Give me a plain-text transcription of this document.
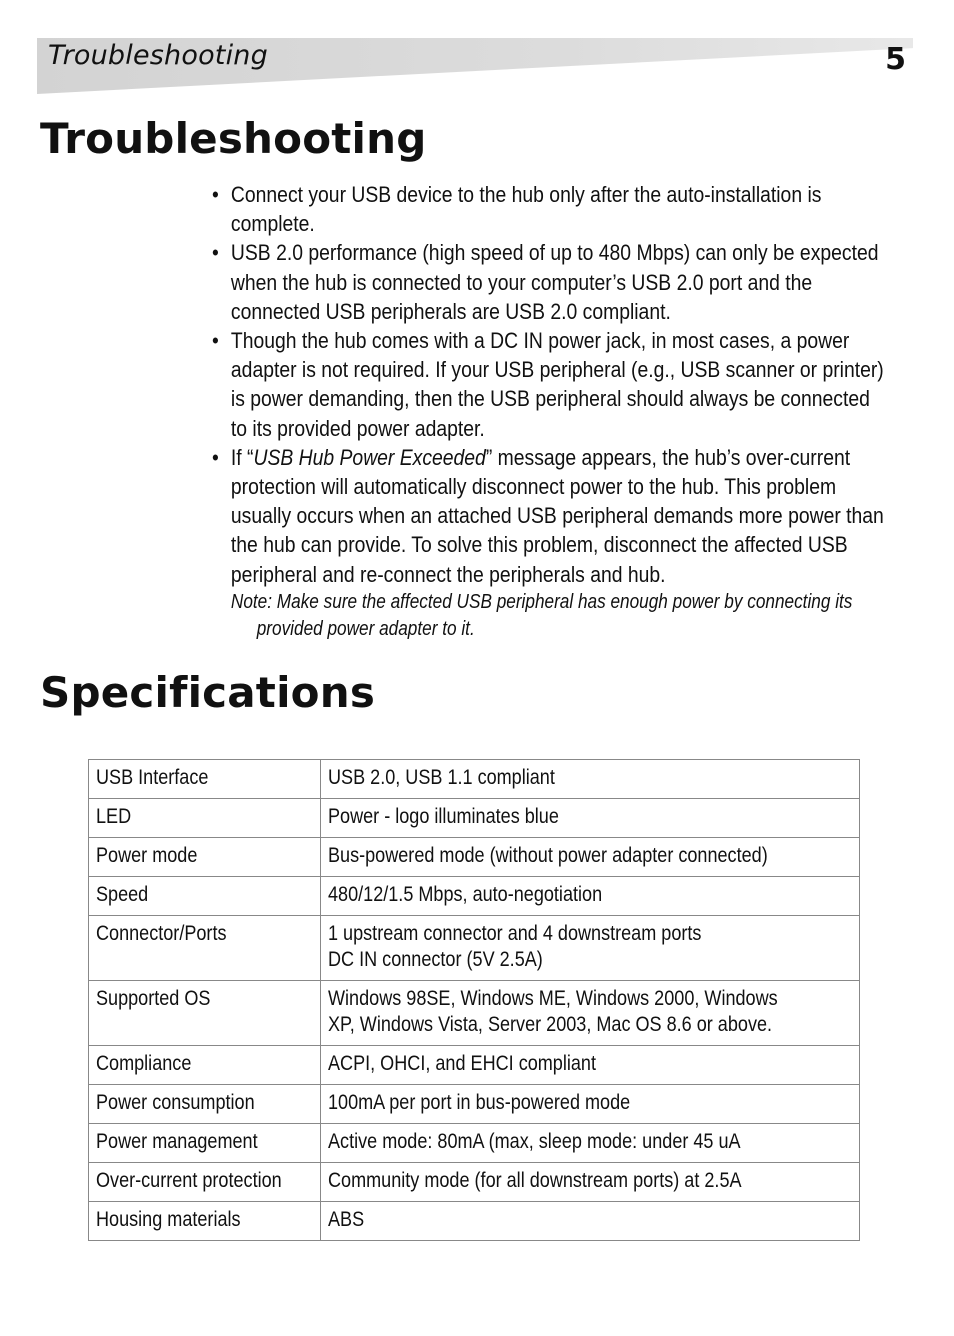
Troubleshooting	5
Troubleshooting
• Connect your USB device to the hub only after the auto-installation is
complete.
• USB 2.0 performance (high speed of up to 480 Mbps) can only be expected
when the hub is connected to your computer’s USB 2.0 port and the
connected USB peripherals are USB 2.0 compliant.
• Though the hub comes with a DC IN power jack, in most cases, a power
adapter is not required. If your USB peripheral (e.g., USB scanner or printer)
is power demanding, then the USB peripheral should always be connected
to its provided power adapter.
• If “USB Hub Power Exceeded” message appears, the hub’s over-current
protection will automatically disconnect power to the hub. This problem
usually occurs when an attached USB peripheral demands more power than
the hub can provide. To solve this problem, disconnect the affected USB
peripheral and re-connect the peripherals and hub.
Note: Make sure the affected USB peripheral has enough power by connecting its
provided power adapter to it.
Specifications
USB Interface	USB 2.0, USB 1.1 compliant

LED	Power - logo illuminates blue

Power mode	Bus-powered mode (without power adapter connected)

Speed	480/12/1.5 Mbps, auto-negotiation

Connector/Ports	1 upstream connector and 4 downstream ports
DC IN connector (5V 2.5A)

Supported OS	Windows 98SE, Windows ME, Windows 2000, Windows
XP, Windows Vista, Server 2003, Mac OS 8.6 or above.

Compliance	ACPI, OHCI, and EHCI compliant

Power consumption	100mA per port in bus-powered mode

Power management	Active mode: 80mA (max, sleep mode: under 45 uA

Over-current protection	Community mode (for all downstream ports) at 2.5A

Housing materials	ABS
